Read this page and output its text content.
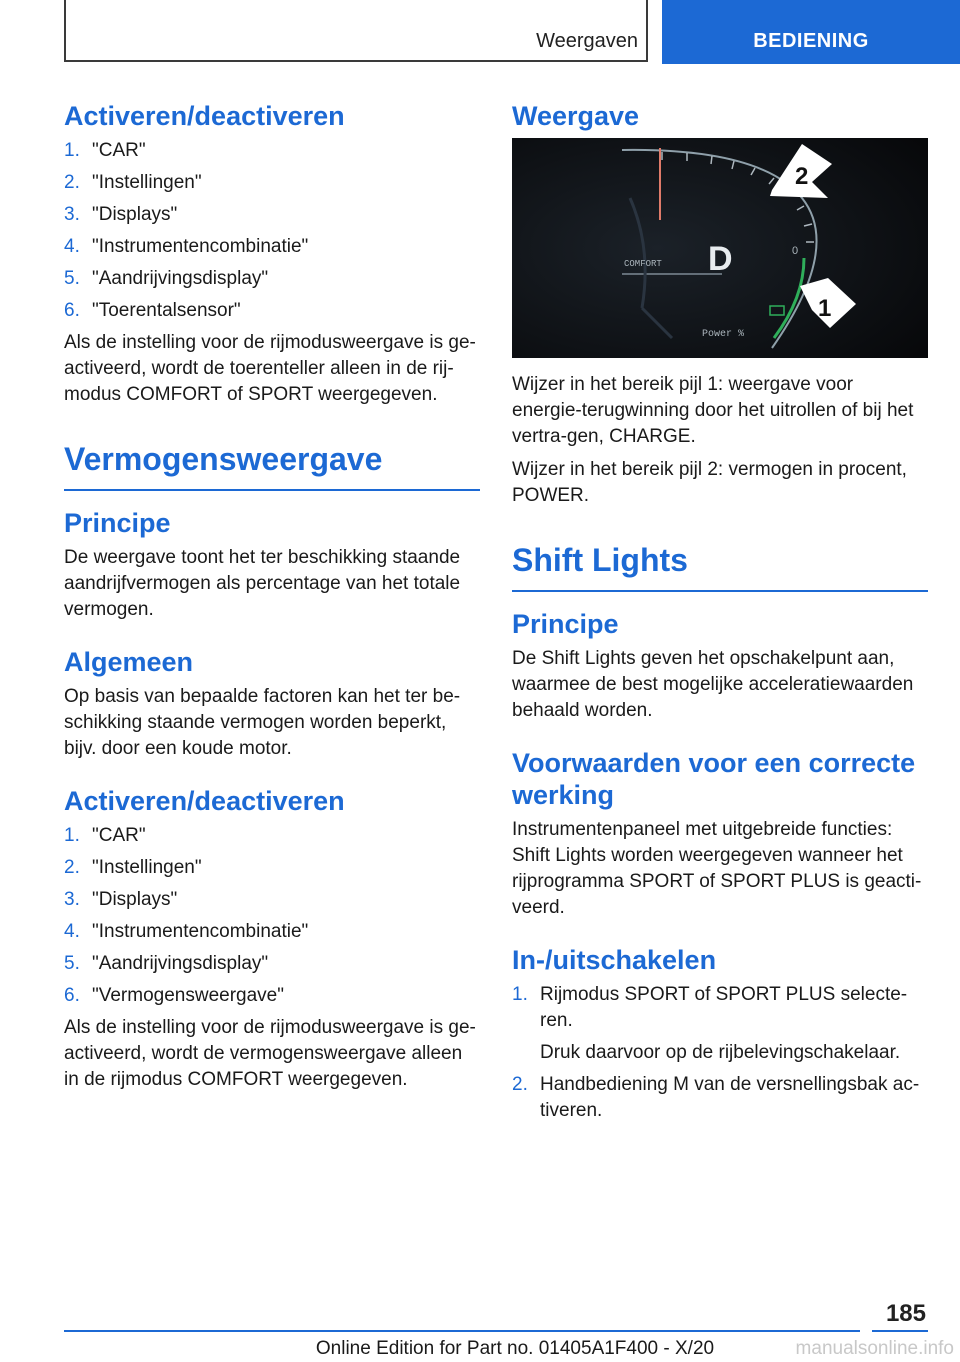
Weergaven	BEDIENING
Activeren/deactiveren
1. "CAR"
2. "Instellingen"
3. "Displays"
4. "Instrumentencombinatie"
5. "Aandrijvingsdisplay"
6. "Toerentalsensor"

Als de instelling voor de rijmodusweergave is ge-activeerd, wordt de toerenteller alleen in de rij-modus COMFORT of SPORT weergegeven.

Vermogensweergave
Principe

De weergave toont het ter beschikking staande aandrijfvermogen als percentage van het totale vermogen.

Algemeen

Op basis van bepaalde factoren kan het ter be-schikking staande vermogen worden beperkt, bijv. door een koude motor.

Activeren/deactiveren
1. "CAR"
2. "Instellingen"
3. "Displays"
4. "Instrumentencombinatie"
5. "Aandrijvingsdisplay"
6. "Vermogensweergave"

Als de instelling voor de rijmodusweergave is ge-activeerd, wordt de vermogensweergave alleen in de rijmodus COMFORT weergegeven.

Weergave
D
COMFORT
Power %
0
2
1

Wijzer in het bereik pijl 1: weergave voor energie-terugwinning door het uitrollen of bij het vertra-gen, CHARGE.

Wijzer in het bereik pijl 2: vermogen in procent, POWER.

Shift Lights
Principe

De Shift Lights geven het opschakelpunt aan, waarmee de best mogelijke acceleratiewaarden behaald worden.

Voorwaarden voor een correcte werking

Instrumentenpaneel met uitgebreide functies: Shift Lights worden weergegeven wanneer het rijprogramma SPORT of SPORT PLUS is geacti-veerd.

In-/uitschakelen
1. Rijmodus SPORT of SPORT PLUS selecte-ren.
Druk daarvoor op de rijbelevingschakelaar.
2. Handbediening M van de versnellingsbak ac-tiveren.
185
Online Edition for Part no. 01405A1F400 - X/20	manualsonline.info
